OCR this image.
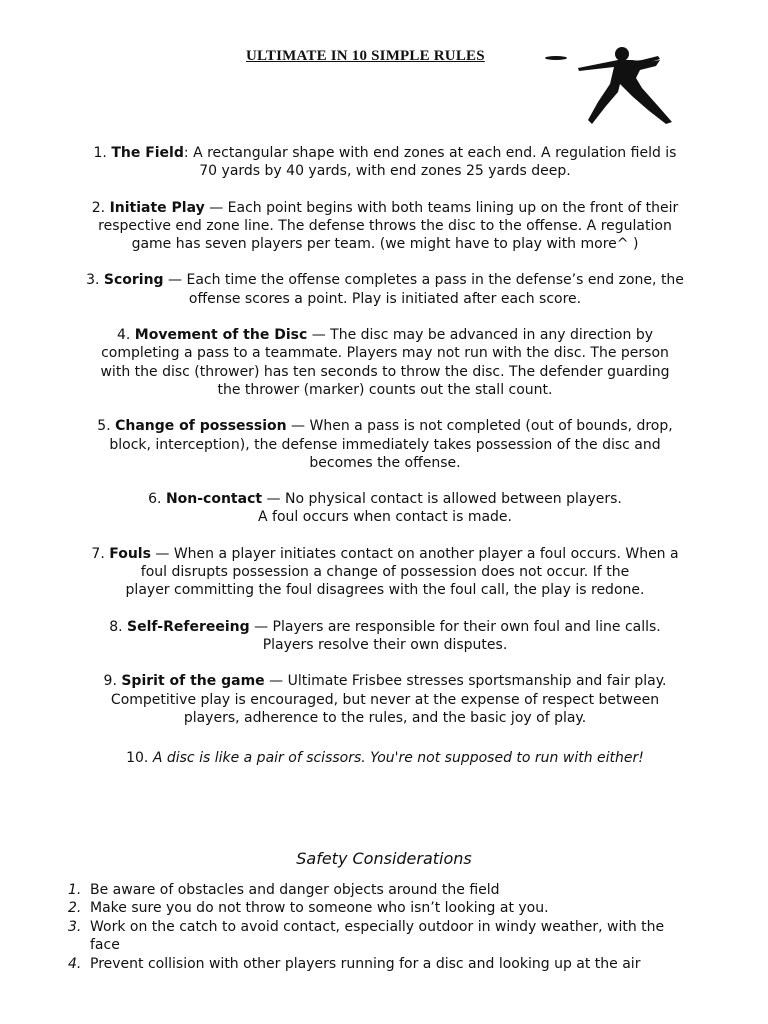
ULTIMATE IN 10 SIMPLE RULES
1. The Field: A rectangular shape with end zones at each end. A regulation field is
70 yards by 40 yards, with end zones 25 yards deep.
2. Initiate Play — Each point begins with both teams lining up on the front of their
respective end zone line. The defense throws the disc to the offense. A regulation
game has seven players per team. (we might have to play with more^ )
3. Scoring — Each time the offense completes a pass in the defense’s end zone, the
offense scores a point. Play is initiated after each score.
4. Movement of the Disc — The disc may be advanced in any direction by
completing a pass to a teammate. Players may not run with the disc. The person
with the disc (thrower) has ten seconds to throw the disc. The defender guarding
the thrower (marker) counts out the stall count.
5. Change of possession — When a pass is not completed (out of bounds, drop,
block, interception), the defense immediately takes possession of the disc and
becomes the offense.
6. Non-contact — No physical contact is allowed between players.
A foul occurs when contact is made.
7. Fouls — When a player initiates contact on another player a foul occurs. When a
foul disrupts possession a change of possession does not occur. If the
player committing the foul disagrees with the foul call, the play is redone.
8. Self-Refereeing — Players are responsible for their own foul and line calls.
Players resolve their own disputes.
9. Spirit of the game — Ultimate Frisbee stresses sportsmanship and fair play.
Competitive play is encouraged, but never at the expense of respect between
players, adherence to the rules, and the basic joy of play.
10. A disc is like a pair of scissors. You're not supposed to run with either!
Safety Considerations
1. Be aware of obstacles and danger objects around the field
2. Make sure you do not throw to someone who isn’t looking at you.
3. Work on the catch to avoid contact, especially outdoor in windy weather, with the
face
4. Prevent collision with other players running for a disc and looking up at the air
